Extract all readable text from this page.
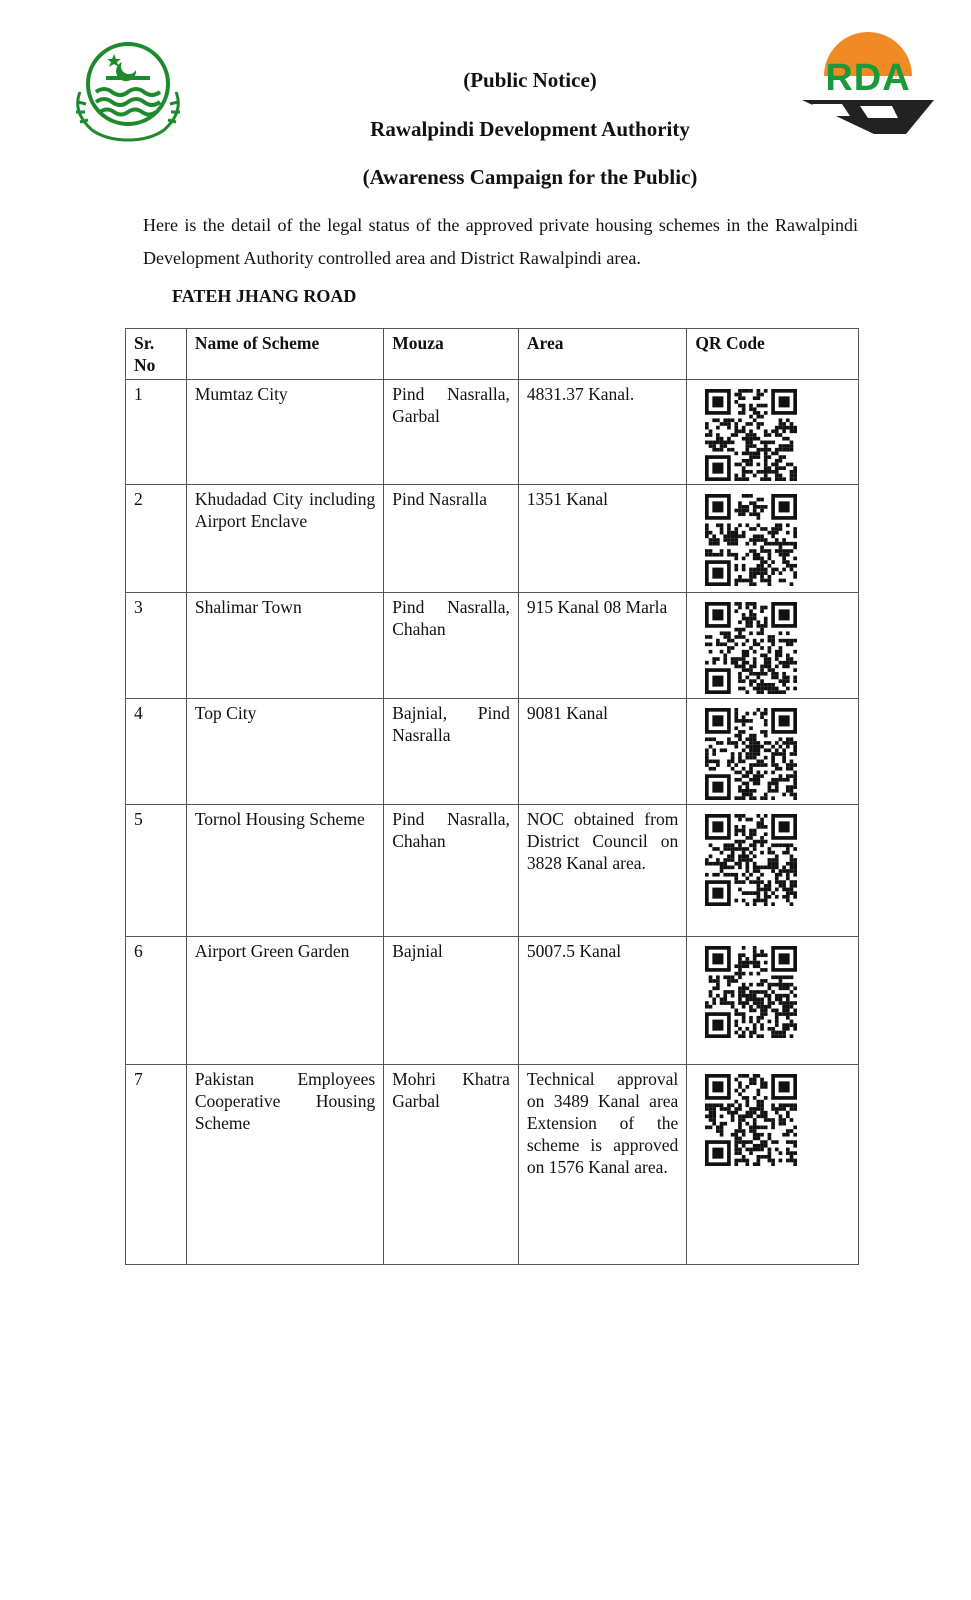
RDA
(Public Notice)
Rawalpindi Development Authority
(Awareness Campaign for the Public)
Here is the detail of the legal status of the approved private housing schemes in the Rawalpindi Development Authority controlled area and District Rawalpindi area.
FATEH JHANG ROAD
Sr. No	Name of Scheme	Mouza	Area	QR Code
1	Mumtaz City	Pind Nasralla, Garbal	4831.37 Kanal.	

2	Khudadad City including Airport Enclave	Pind Nasralla	1351 Kanal	

3	Shalimar Town	Pind Nasralla, Chahan	915 Kanal 08 Marla	

4	Top City	Bajnial, Pind Nasralla	9081 Kanal	

5	Tornol Housing Scheme	Pind Nasralla, Chahan	NOC obtained from District Council on 3828 Kanal area.	

6	Airport Green Garden	Bajnial	5007.5 Kanal	

7	Pakistan Employees Cooperative Housing Scheme	Mohri Khatra Garbal	Technical approval on 3489 Kanal area Extension of the scheme is approved on 1576 Kanal area.	
